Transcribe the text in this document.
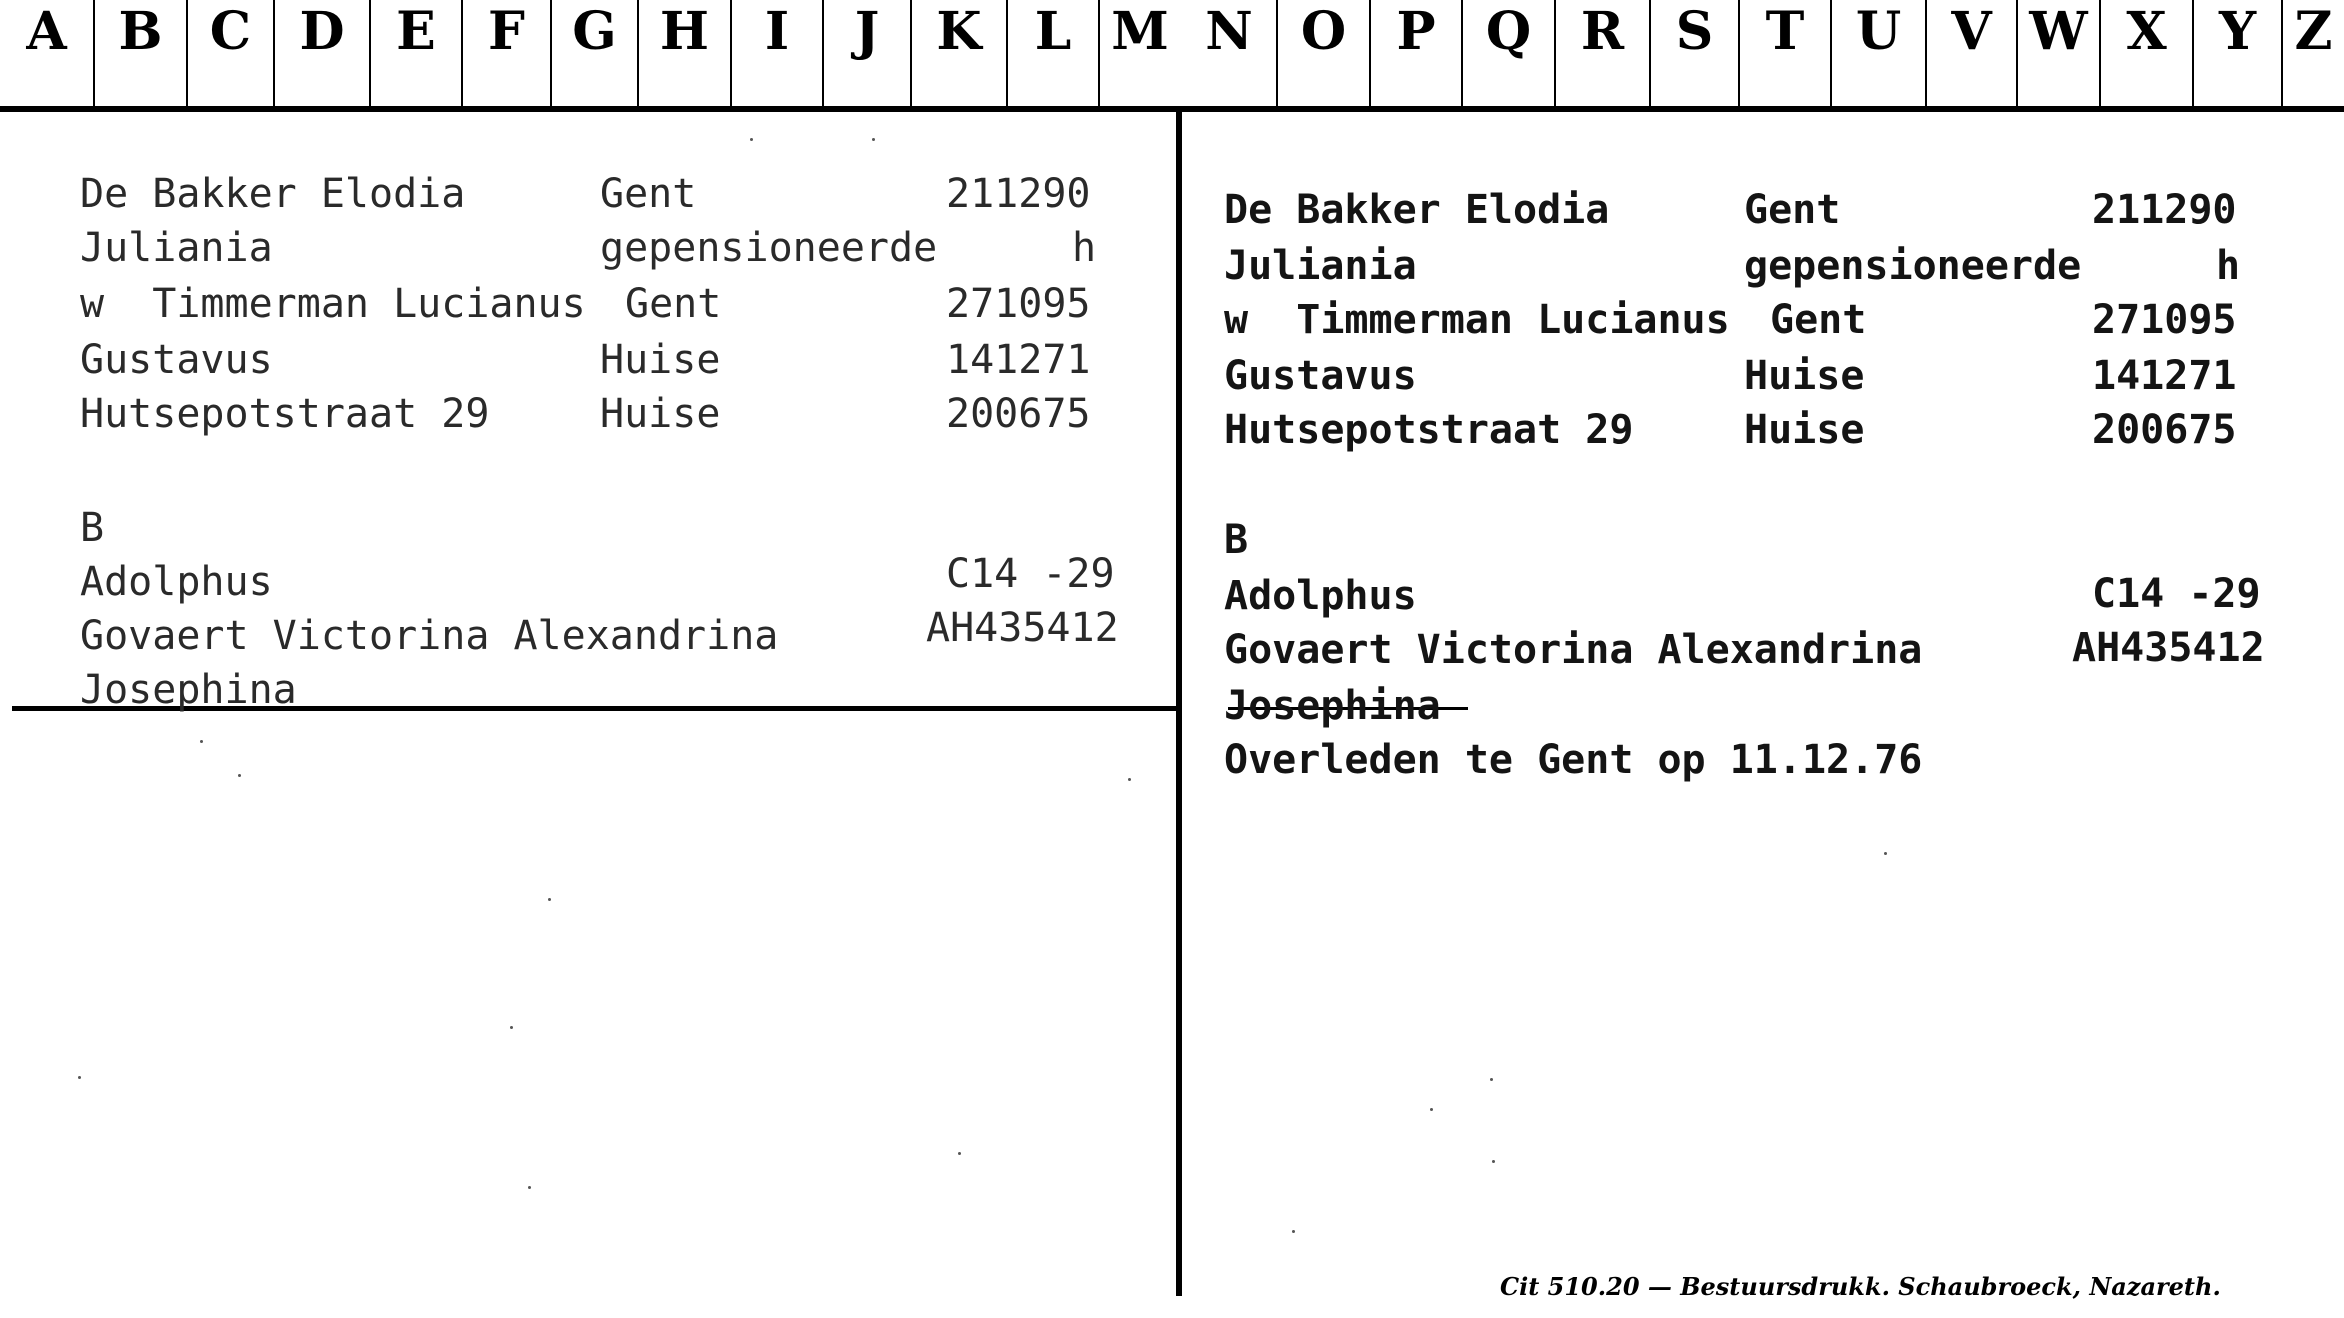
A B C D E	F G H	I	J	K	L M N O P Q R S	T U V W X	Y Z
De Bakker Elodia	Gent	211290
Juliania	gepensioneerde	h
w  Timmerman Lucianus Gent	271095
Gustavus	Huise	141271
Hutsepotstraat 29	Huise	200675
B
Adolphus	C14 -29
Govaert Victorina Alexandrina	AH435412
Josephina
De Bakker Elodia	Gent	211290
Juliania	gepensioneerde	h
w  Timmerman Lucianus Gent	271095
Gustavus	Huise	141271
Hutsepotstraat 29	Huise	200675
B
Adolphus	C14 -29
Govaert Victorina Alexandrina	AH435412
Josephina
Overleden te Gent op 11.12.76
Cit 510.20 — Bestuursdrukk. Schaubroeck, Nazareth.
